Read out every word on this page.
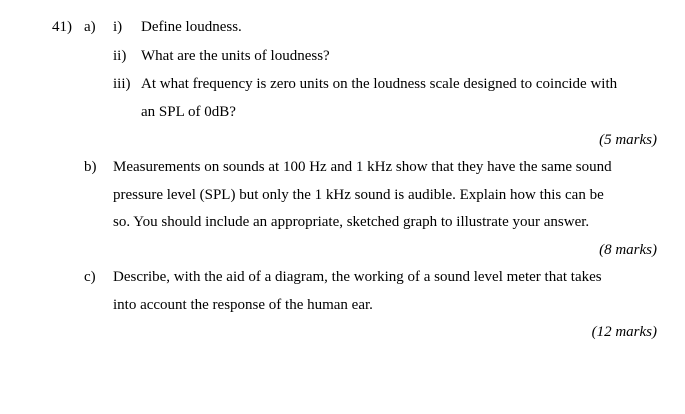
41) a) i) Define loudness.
ii) What are the units of loudness?
iii) At what frequency is zero units on the loudness scale designed to coincide with
an SPL of 0dB?
(5 marks)
b) Measurements on sounds at 100 Hz and 1 kHz show that they have the same sound
pressure level (SPL) but only the 1 kHz sound is audible. Explain how this can be
so. You should include an appropriate, sketched graph to illustrate your answer.
(8 marks)
c) Describe, with the aid of a diagram, the working of a sound level meter that takes
into account the response of the human ear.
(12 marks)
